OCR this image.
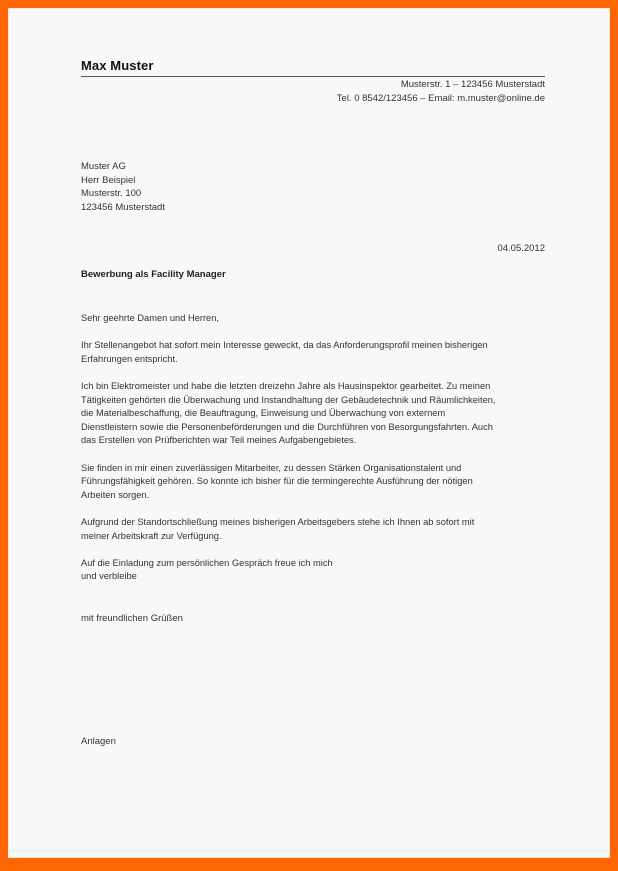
Max Muster
Musterstr. 1 – 123456 Musterstadt
Tel. 0 8542/123456 – Email: m.muster@online.de
Muster AG
Herr Beispiel
Musterstr. 100
123456 Musterstadt
04.05.2012
Bewerbung als Facility Manager

Sehr geehrte Damen und Herren,

Ihr Stellenangebot hat sofort mein Interesse geweckt, da das Anforderungsprofil meinen bisherigen
Erfahrungen entspricht.

Ich bin Elektromeister und habe die letzten dreizehn Jahre als Hausinspektor gearbeitet. Zu meinen
Tätigkeiten gehörten die Überwachung und Instandhaltung der Gebäudetechnik und Räumlichkeiten,
die Materialbeschaffung, die Beauftragung, Einweisung und Überwachung von externem
Dienstleistern sowie die Personenbeförderungen und die Durchführen von Besorgungsfahrten. Auch
das Erstellen von Prüfberichten war Teil meines Aufgabengebietes.

Sie finden in mir einen zuverlässigen Mitarbeiter, zu dessen Stärken Organisationstalent und
Führungsfähigkeit gehören. So konnte ich bisher für die termingerechte Ausführung der nötigen
Arbeiten sorgen.

Aufgrund der Standortschließung meines bisherigen Arbeitsgebers stehe ich Ihnen ab sofort mit
meiner Arbeitskraft zur Verfügung.

Auf die Einladung zum persönlichen Gespräch freue ich mich
und verbleibe

mit freundlichen Grüßen
Anlagen
